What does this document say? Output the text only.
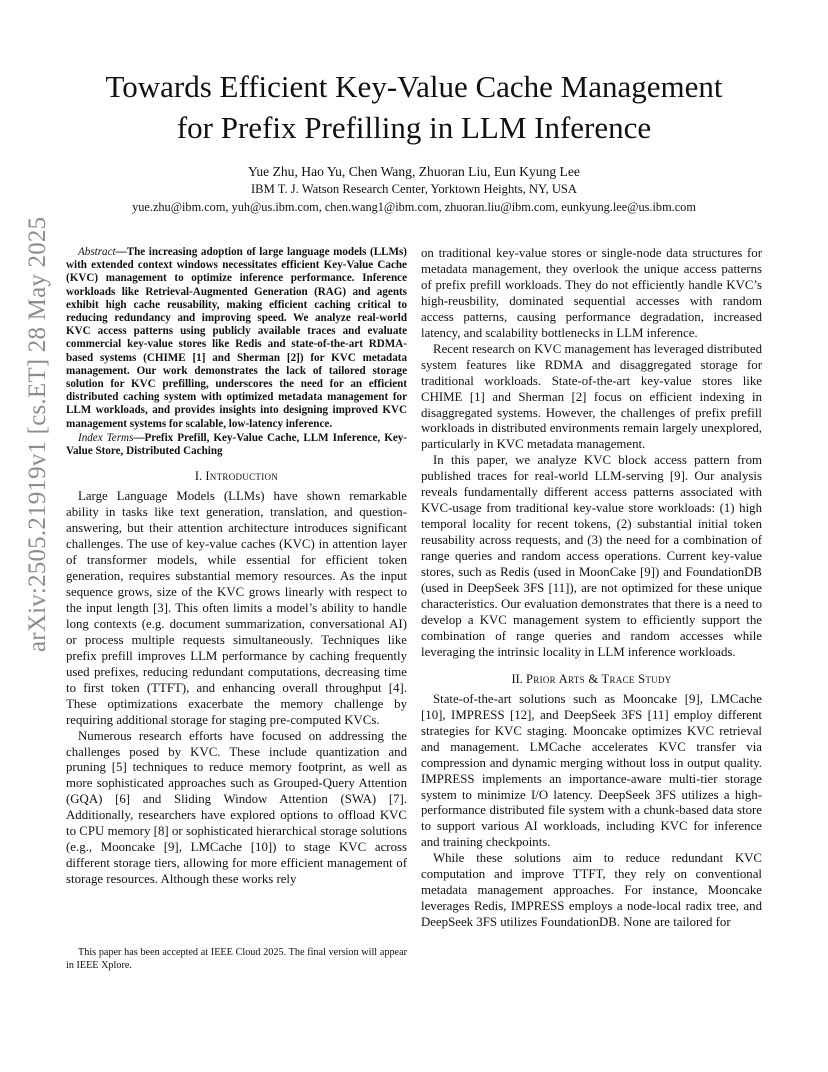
arXiv:2505.21919v1 [cs.ET] 28 May 2025
Towards Efficient Key-Value Cache Management
for Prefix Prefilling in LLM Inference
Yue Zhu, Hao Yu, Chen Wang, Zhuoran Liu, Eun Kyung Lee
IBM T. J. Watson Research Center, Yorktown Heights, NY, USA
yue.zhu@ibm.com, yuh@us.ibm.com, chen.wang1@ibm.com, zhuoran.liu@ibm.com, eunkyung.lee@us.ibm.com

Abstract—The increasing adoption of large language models (LLMs) with extended context windows necessitates efficient Key-Value Cache (KVC) management to optimize inference performance. Inference workloads like Retrieval-Augmented Generation (RAG) and agents exhibit high cache reusability, making efficient caching critical to reducing redundancy and improving speed. We analyze real-world KVC access patterns using publicly available traces and evaluate commercial key-value stores like Redis and state-of-the-art RDMA-based systems (CHIME [1] and Sherman [2]) for KVC metadata management. Our work demonstrates the lack of tailored storage solution for KVC prefilling, underscores the need for an efficient distributed caching system with optimized metadata management for LLM workloads, and provides insights into designing improved KVC management systems for scalable, low-latency inference.

Index Terms—Prefix Prefill, Key-Value Cache, LLM Inference, Key-Value Store, Distributed Caching

I. Introduction

Large Language Models (LLMs) have shown remarkable ability in tasks like text generation, translation, and question-answering, but their attention architecture introduces significant challenges. The use of key-value caches (KVC) in attention layer of transformer models, while essential for efficient token generation, requires substantial memory resources. As the input sequence grows, size of the KVC grows linearly with respect to the input length [3]. This often limits a model’s ability to handle long contexts (e.g. document summarization, conversational AI) or process multiple requests simultaneously. Techniques like prefix prefill improves LLM performance by caching frequently used prefixes, reducing redundant computations, decreasing time to first token (TTFT), and enhancing overall throughput [4]. These optimizations exacerbate the memory challenge by requiring additional storage for staging pre-computed KVCs.

Numerous research efforts have focused on addressing the challenges posed by KVC. These include quantization and pruning [5] techniques to reduce memory footprint, as well as more sophisticated approaches such as Grouped-Query Attention (GQA) [6] and Sliding Window Attention (SWA) [7]. Additionally, researchers have explored options to offload KVC to CPU memory [8] or sophisticated hierarchical storage solutions (e.g., Mooncake [9], LMCache [10]) to stage KVC across different storage tiers, allowing for more efficient management of storage resources. Although these works rely

This paper has been accepted at IEEE Cloud 2025. The final version will appear in IEEE Xplore.

on traditional key-value stores or single-node data structures for metadata management, they overlook the unique access patterns of prefix prefill workloads. They do not efficiently handle KVC’s high-reusbility, dominated sequential accesses with random access patterns, causing performance degradation, increased latency, and scalability bottlenecks in LLM inference.

Recent research on KVC management has leveraged distributed system features like RDMA and disaggregated storage for traditional workloads. State-of-the-art key-value stores like CHIME [1] and Sherman [2] focus on efficient indexing in disaggregated systems. However, the challenges of prefix prefill workloads in distributed environments remain largely unexplored, particularly in KVC metadata management.

In this paper, we analyze KVC block access pattern from published traces for real-world LLM-serving [9]. Our analysis reveals fundamentally different access patterns associated with KVC-usage from traditional key-value store workloads: (1) high temporal locality for recent tokens, (2) substantial initial token reusability across requests, and (3) the need for a combination of range queries and random access operations. Current key-value stores, such as Redis (used in MoonCake [9]) and FoundationDB (used in DeepSeek 3FS [11]), are not optimized for these unique characteristics. Our evaluation demonstrates that there is a need to develop a KVC management system to efficiently support the combination of range queries and random accesses while leveraging the intrinsic locality in LLM inference workloads.

II. Prior Arts & Trace Study

State-of-the-art solutions such as Mooncake [9], LMCache [10], IMPRESS [12], and DeepSeek 3FS [11] employ different strategies for KVC staging. Mooncake optimizes KVC retrieval and management. LMCache accelerates KVC transfer via compression and dynamic merging without loss in output quality. IMPRESS implements an importance-aware multi-tier storage system to minimize I/O latency. DeepSeek 3FS utilizes a high-performance distributed file system with a chunk-based data store to support various AI workloads, including KVC for inference and training checkpoints.

While these solutions aim to reduce redundant KVC computation and improve TTFT, they rely on conventional metadata management approaches. For instance, Mooncake leverages Redis, IMPRESS employs a node-local radix tree, and DeepSeek 3FS utilizes FoundationDB. None are tailored for
